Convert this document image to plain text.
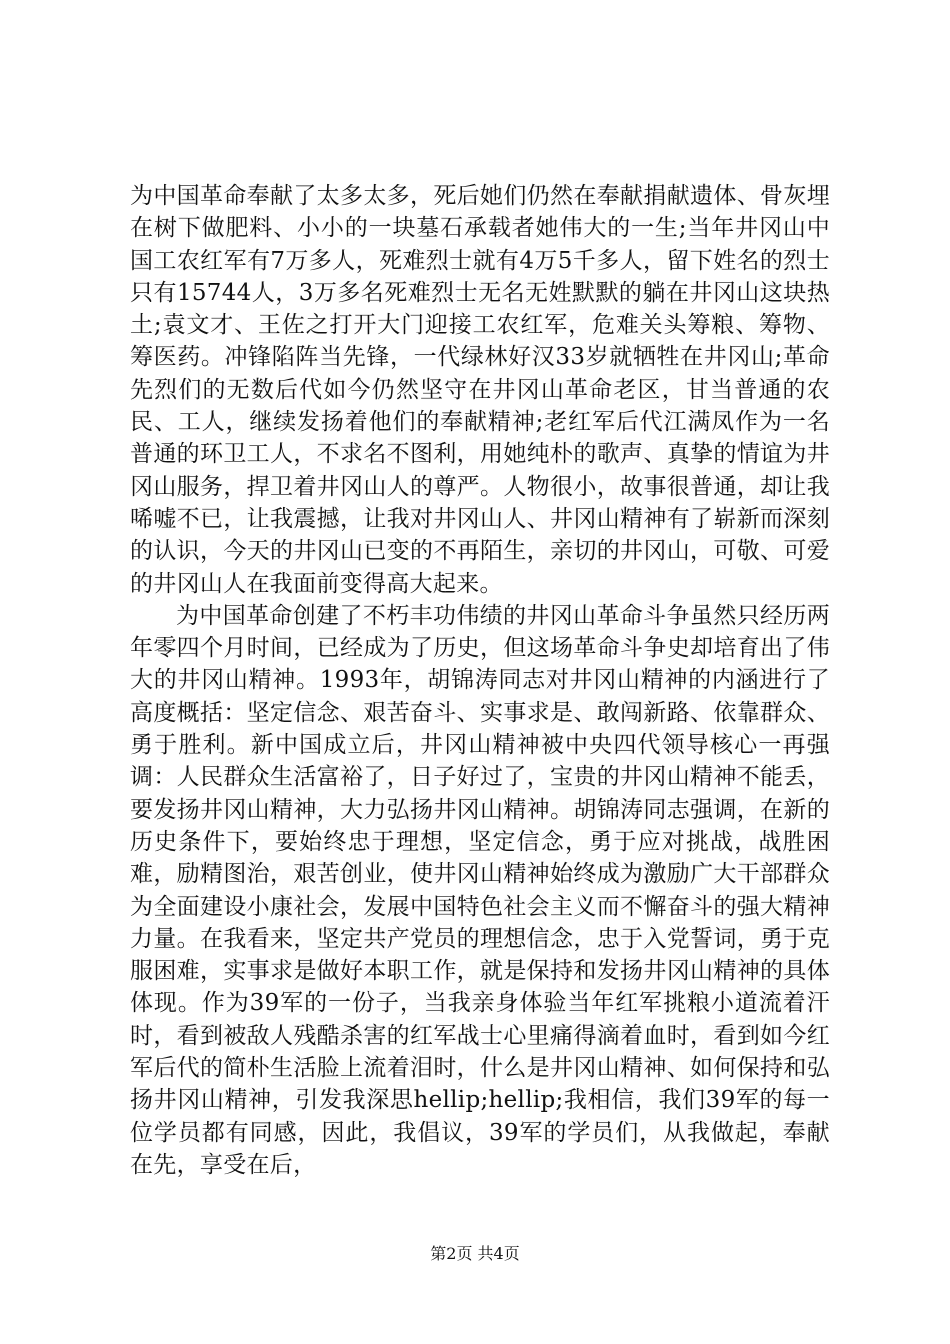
为中国革命奉献了太多太多，死后她们仍然在奉献捐献遗体、骨灰埋在树下做肥料、小小的一块墓石承载者她伟大的一生;当年井冈山中国工农红军有7万多人，死难烈士就有4万5千多人，留下姓名的烈士只有15744人，3万多名死难烈士无名无姓默默的躺在井冈山这块热土;袁文才、王佐之打开大门迎接工农红军，危难关头筹粮、筹物、筹医药。冲锋陷阵当先锋，一代绿林好汉33岁就牺牲在井冈山;革命先烈们的无数后代如今仍然坚守在井冈山革命老区，甘当普通的农民、工人，继续发扬着他们的奉献精神;老红军后代江满凤作为一名普通的环卫工人，不求名不图利，用她纯朴的歌声、真挚的情谊为井冈山服务，捍卫着井冈山人的尊严。人物很小，故事很普通，却让我唏嘘不已，让我震撼，让我对井冈山人、井冈山精神有了崭新而深刻的认识，今天的井冈山已变的不再陌生，亲切的井冈山，可敬、可爱的井冈山人在我面前变得高大起来。

为中国革命创建了不朽丰功伟绩的井冈山革命斗争虽然只经历两年零四个月时间，已经成为了历史，但这场革命斗争史却培育出了伟大的井冈山精神。1993年，胡锦涛同志对井冈山精神的内涵进行了高度概括：坚定信念、艰苦奋斗、实事求是、敢闯新路、依靠群众、勇于胜利。新中国成立后，井冈山精神被中央四代领导核心一再强调：人民群众生活富裕了，日子好过了，宝贵的井冈山精神不能丢，要发扬井冈山精神，大力弘扬井冈山精神。胡锦涛同志强调，在新的历史条件下，要始终忠于理想，坚定信念，勇于应对挑战，战胜困难，励精图治，艰苦创业，使井冈山精神始终成为激励广大干部群众为全面建设小康社会，发展中国特色社会主义而不懈奋斗的强大精神力量。在我看来，坚定共产党员的理想信念，忠于入党誓词，勇于克服困难，实事求是做好本职工作，就是保持和发扬井冈山精神的具体体现。作为39军的一份子，当我亲身体验当年红军挑粮小道流着汗时，看到被敌人残酷杀害的红军战士心里痛得滴着血时，看到如今红军后代的简朴生活脸上流着泪时，什么是井冈山精神、如何保持和弘扬井冈山精神，引发我深思hellip;hellip;我相信，我们39军的每一位学员都有同感，因此，我倡议，39军的学员们，从我做起，奉献在先，享受在后，

第2页 共4页
